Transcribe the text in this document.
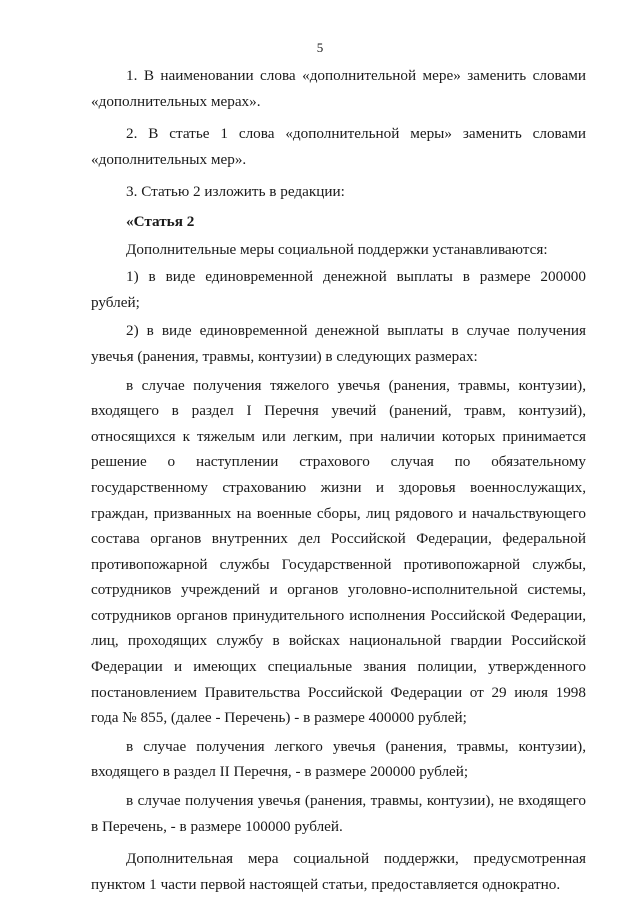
5

1. В наименовании слова «дополнительной мере» заменить словами «дополнительных мерах».

2. В статье 1 слова «дополнительной меры» заменить словами «дополнительных мер».

3. Статью 2 изложить в редакции:

«Статья 2

Дополнительные меры социальной поддержки устанавливаются:

1) в виде единовременной денежной выплаты в размере 200000 рублей;

2) в виде единовременной денежной выплаты в случае получения увечья (ранения, травмы, контузии) в следующих размерах:

в случае получения тяжелого увечья (ранения, травмы, контузии), входящего в раздел I Перечня увечий (ранений, травм, контузий), относящихся к тяжелым или легким, при наличии которых принимается решение о наступлении страхового случая по обязательному государственному страхованию жизни и здоровья военнослужащих, граждан, призванных на военные сборы, лиц рядового и начальствующего состава органов внутренних дел Российской Федерации, федеральной противопожарной службы Государственной противопожарной службы, сотрудников учреждений и органов уголовно-исполнительной системы, сотрудников органов принудительного исполнения Российской Федерации, лиц, проходящих службу в войсках национальной гвардии Российской Федерации и имеющих специальные звания полиции, утвержденного постановлением Правительства Российской Федерации от 29 июля 1998 года № 855, (далее - Перечень) - в размере 400000 рублей;

в случае получения легкого увечья (ранения, травмы, контузии), входящего в раздел II Перечня, - в размере 200000 рублей;

в случае получения увечья (ранения, травмы, контузии), не входящего в Перечень, - в размере 100000 рублей.

Дополнительная мера социальной поддержки, предусмотренная пунктом 1 части первой настоящей статьи, предоставляется однократно.
